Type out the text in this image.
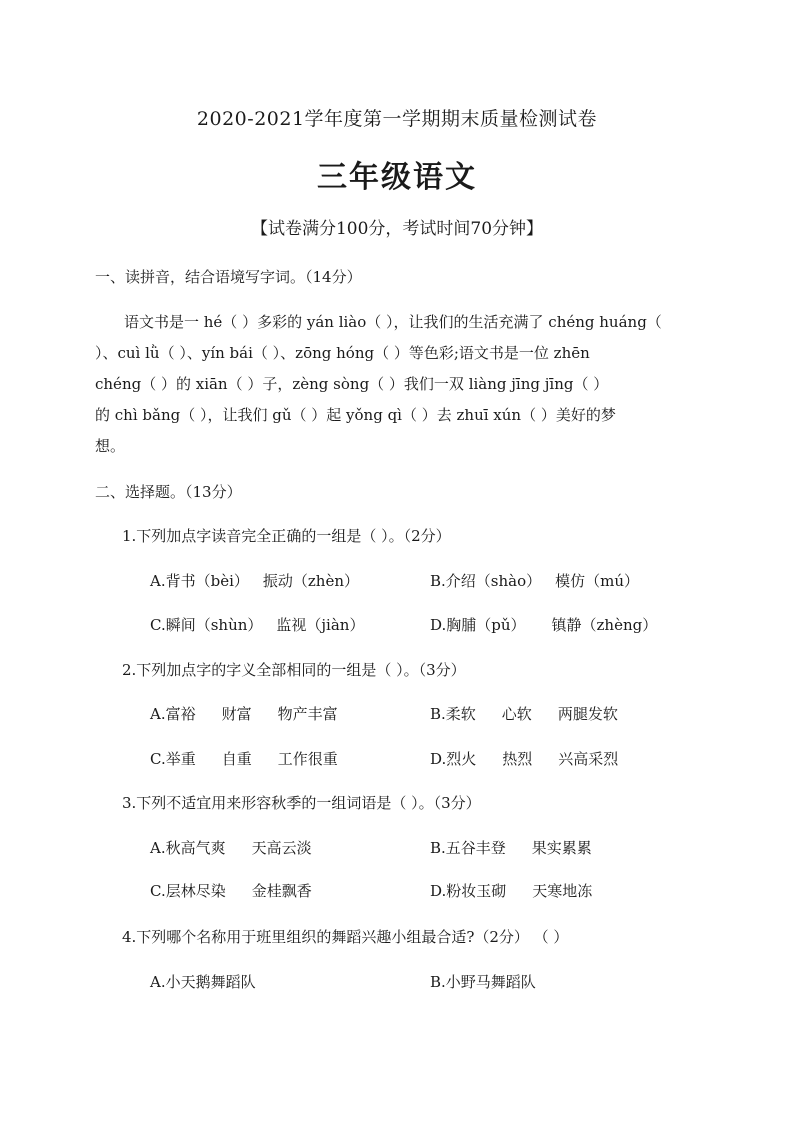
2020-2021学年度第一学期期末质量检测试卷
三年级语文
【试卷满分100分，考试时间70分钟】
一、读拼音，结合语境写字词。（14分）
语文书是一 hé（ ）多彩的 yán liào（ ），让我们的生活充满了 chéng huáng（
）、cuì lǜ（ ）、yín bái（ ）、zōng hóng（ ）等色彩;语文书是一位 zhēn
chéng（ ）的 xiān（ ）子，zèng sòng（ ）我们一双 liàng jīng jīng（ ）
的 chì bǎng（ ），让我们 gǔ（ ）起 yǒng qì（ ）去 zhuī xún（ ）美好的梦
想。
二、选择题。（13分）
1.下列加点字读音完全正确的一组是（ ）。（2分）
A.背书（bèi） 振动（zhèn）	B.介绍（shào） 模仿（mú）
C.瞬间（shùn） 监视（jiàn）	D.胸脯（pǔ） 镇静（zhèng）
2.下列加点字的字义全部相同的一组是（ ）。（3分）
A.富裕 财富 物产丰富	B.柔软 心软 两腿发软
C.举重 自重 工作很重	D.烈火 热烈 兴高采烈
3.下列不适宜用来形容秋季的一组词语是（ ）。（3分）
A.秋高气爽 天高云淡	B.五谷丰登 果实累累
C.层林尽染 金桂飘香	D.粉妆玉砌 天寒地冻
4.下列哪个名称用于班里组织的舞蹈兴趣小组最合适?（2分） （ ）
A.小天鹅舞蹈队	B.小野马舞蹈队
